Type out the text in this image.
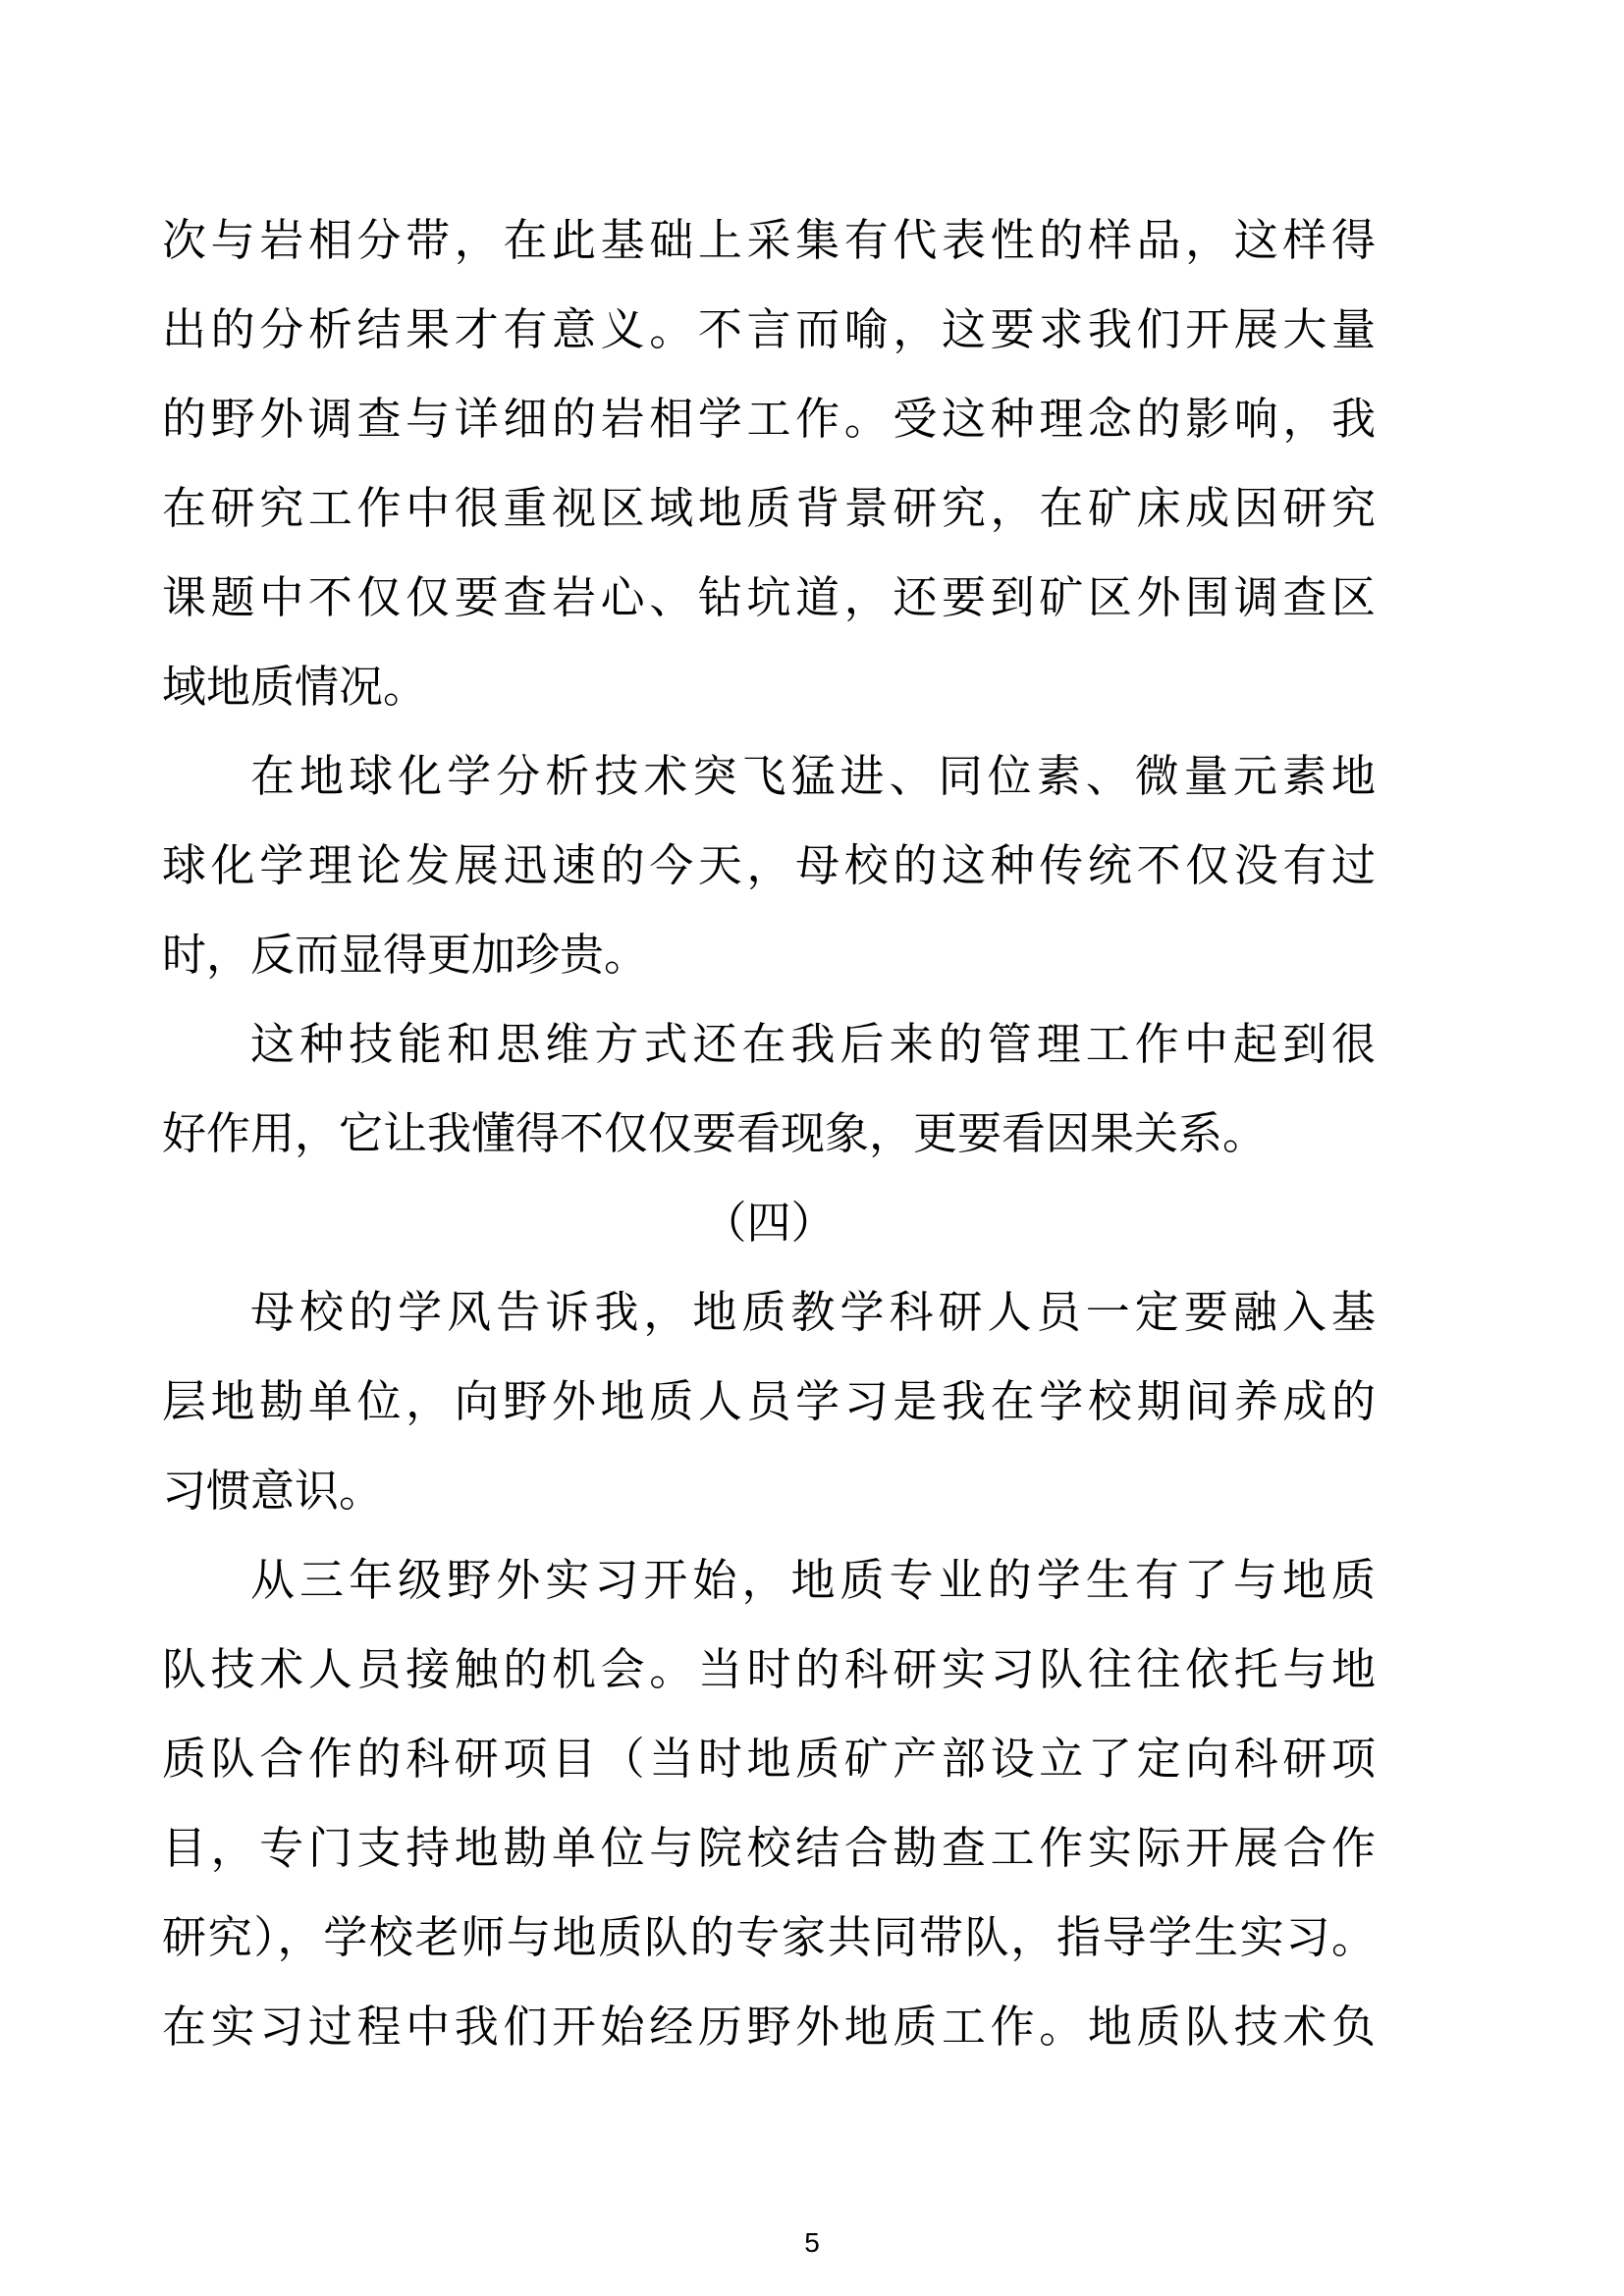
次与岩相分带，在此基础上采集有代表性的样品，这样得
出的分析结果才有意义。不言而喻，这要求我们开展大量
的野外调查与详细的岩相学工作。受这种理念的影响，我
在研究工作中很重视区域地质背景研究，在矿床成因研究
课题中不仅仅要查岩心、钻坑道，还要到矿区外围调查区
域地质情况。
在地球化学分析技术突飞猛进、同位素、微量元素地
球化学理论发展迅速的今天，母校的这种传统不仅没有过
时，反而显得更加珍贵。
这种技能和思维方式还在我后来的管理工作中起到很
好作用，它让我懂得不仅仅要看现象，更要看因果关系。
（四）
母校的学风告诉我，地质教学科研人员一定要融入基
层地勘单位，向野外地质人员学习是我在学校期间养成的
习惯意识。
从三年级野外实习开始，地质专业的学生有了与地质
队技术人员接触的机会。当时的科研实习队往往依托与地
质队合作的科研项目（当时地质矿产部设立了定向科研项
目，专门支持地勘单位与院校结合勘查工作实际开展合作
研究），学校老师与地质队的专家共同带队，指导学生实习。
在实习过程中我们开始经历野外地质工作。地质队技术负
5
